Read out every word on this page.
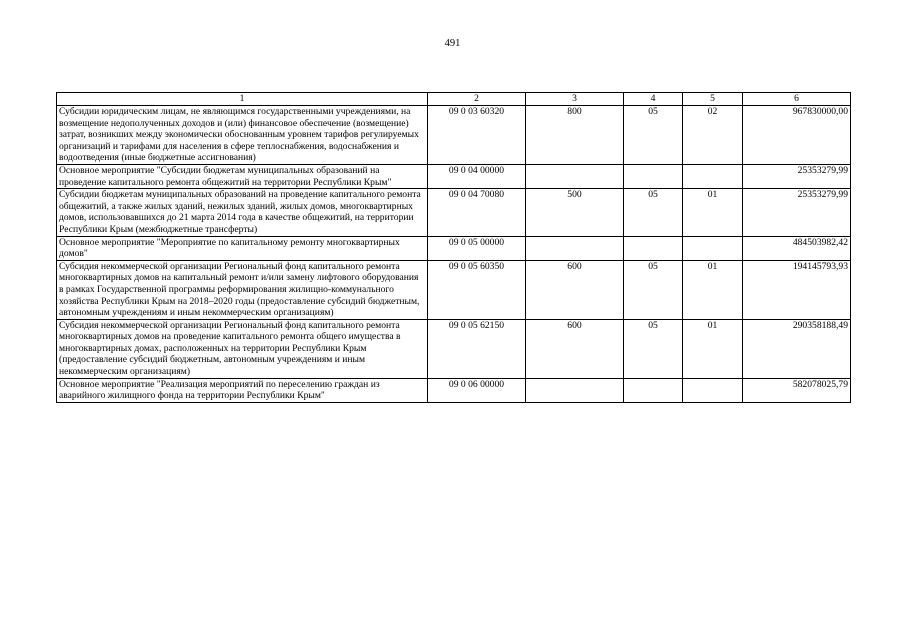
491
1	2	3	4	5	6
Субсидии юридическим лицам, не являющимся государственными учреждениями, на возмещение недополученных доходов и (или) финансовое обеспечение (возмещение) затрат, возникших между экономически обоснованным уровнем тарифов регулируемых организаций и тарифами для населения в сфере теплоснабжения, водоснабжения и водоотведения (иные бюджетные ассигнования)	09 0 03 60320	800	05	02	967830000,00
Основное мероприятие "Субсидии бюджетам муниципальных образований на проведение капитального ремонта общежитий на территории Республики Крым"	09 0 04 00000				25353279,99
Субсидии бюджетам муниципальных образований на проведение капитального ремонта общежитий, а также жилых зданий, нежилых зданий, жилых домов, многоквартирных домов, использовавшихся до 21 марта 2014 года в качестве общежитий, на территории Республики Крым (межбюджетные трансферты)	09 0 04 70080	500	05	01	25353279,99
Основное мероприятие "Мероприятие по капитальному ремонту многоквартирных домов"	09 0 05 00000				484503982,42
Субсидия некоммерческой организации Региональный фонд капитального ремонта многоквартирных домов на капитальный ремонт и/или замену лифтового оборудования в рамках Государственной программы реформирования жилищно-коммунального хозяйства Республики Крым на 2018–2020 годы (предоставление субсидий бюджетным, автономным учреждениям и иным некоммерческим организациям)	09 0 05 60350	600	05	01	194145793,93
Субсидия некоммерческой организации Региональный фонд капитального ремонта многоквартирных домов на проведение капитального ремонта общего имущества в многоквартирных домах, расположенных на территории Республики Крым (предоставление субсидий бюджетным, автономным учреждениям и иным некоммерческим организациям)	09 0 05 62150	600	05	01	290358188,49
Основное мероприятие "Реализация мероприятий по переселению граждан из аварийного жилищного фонда на территории Республики Крым"	09 0 06 00000				582078025,79
